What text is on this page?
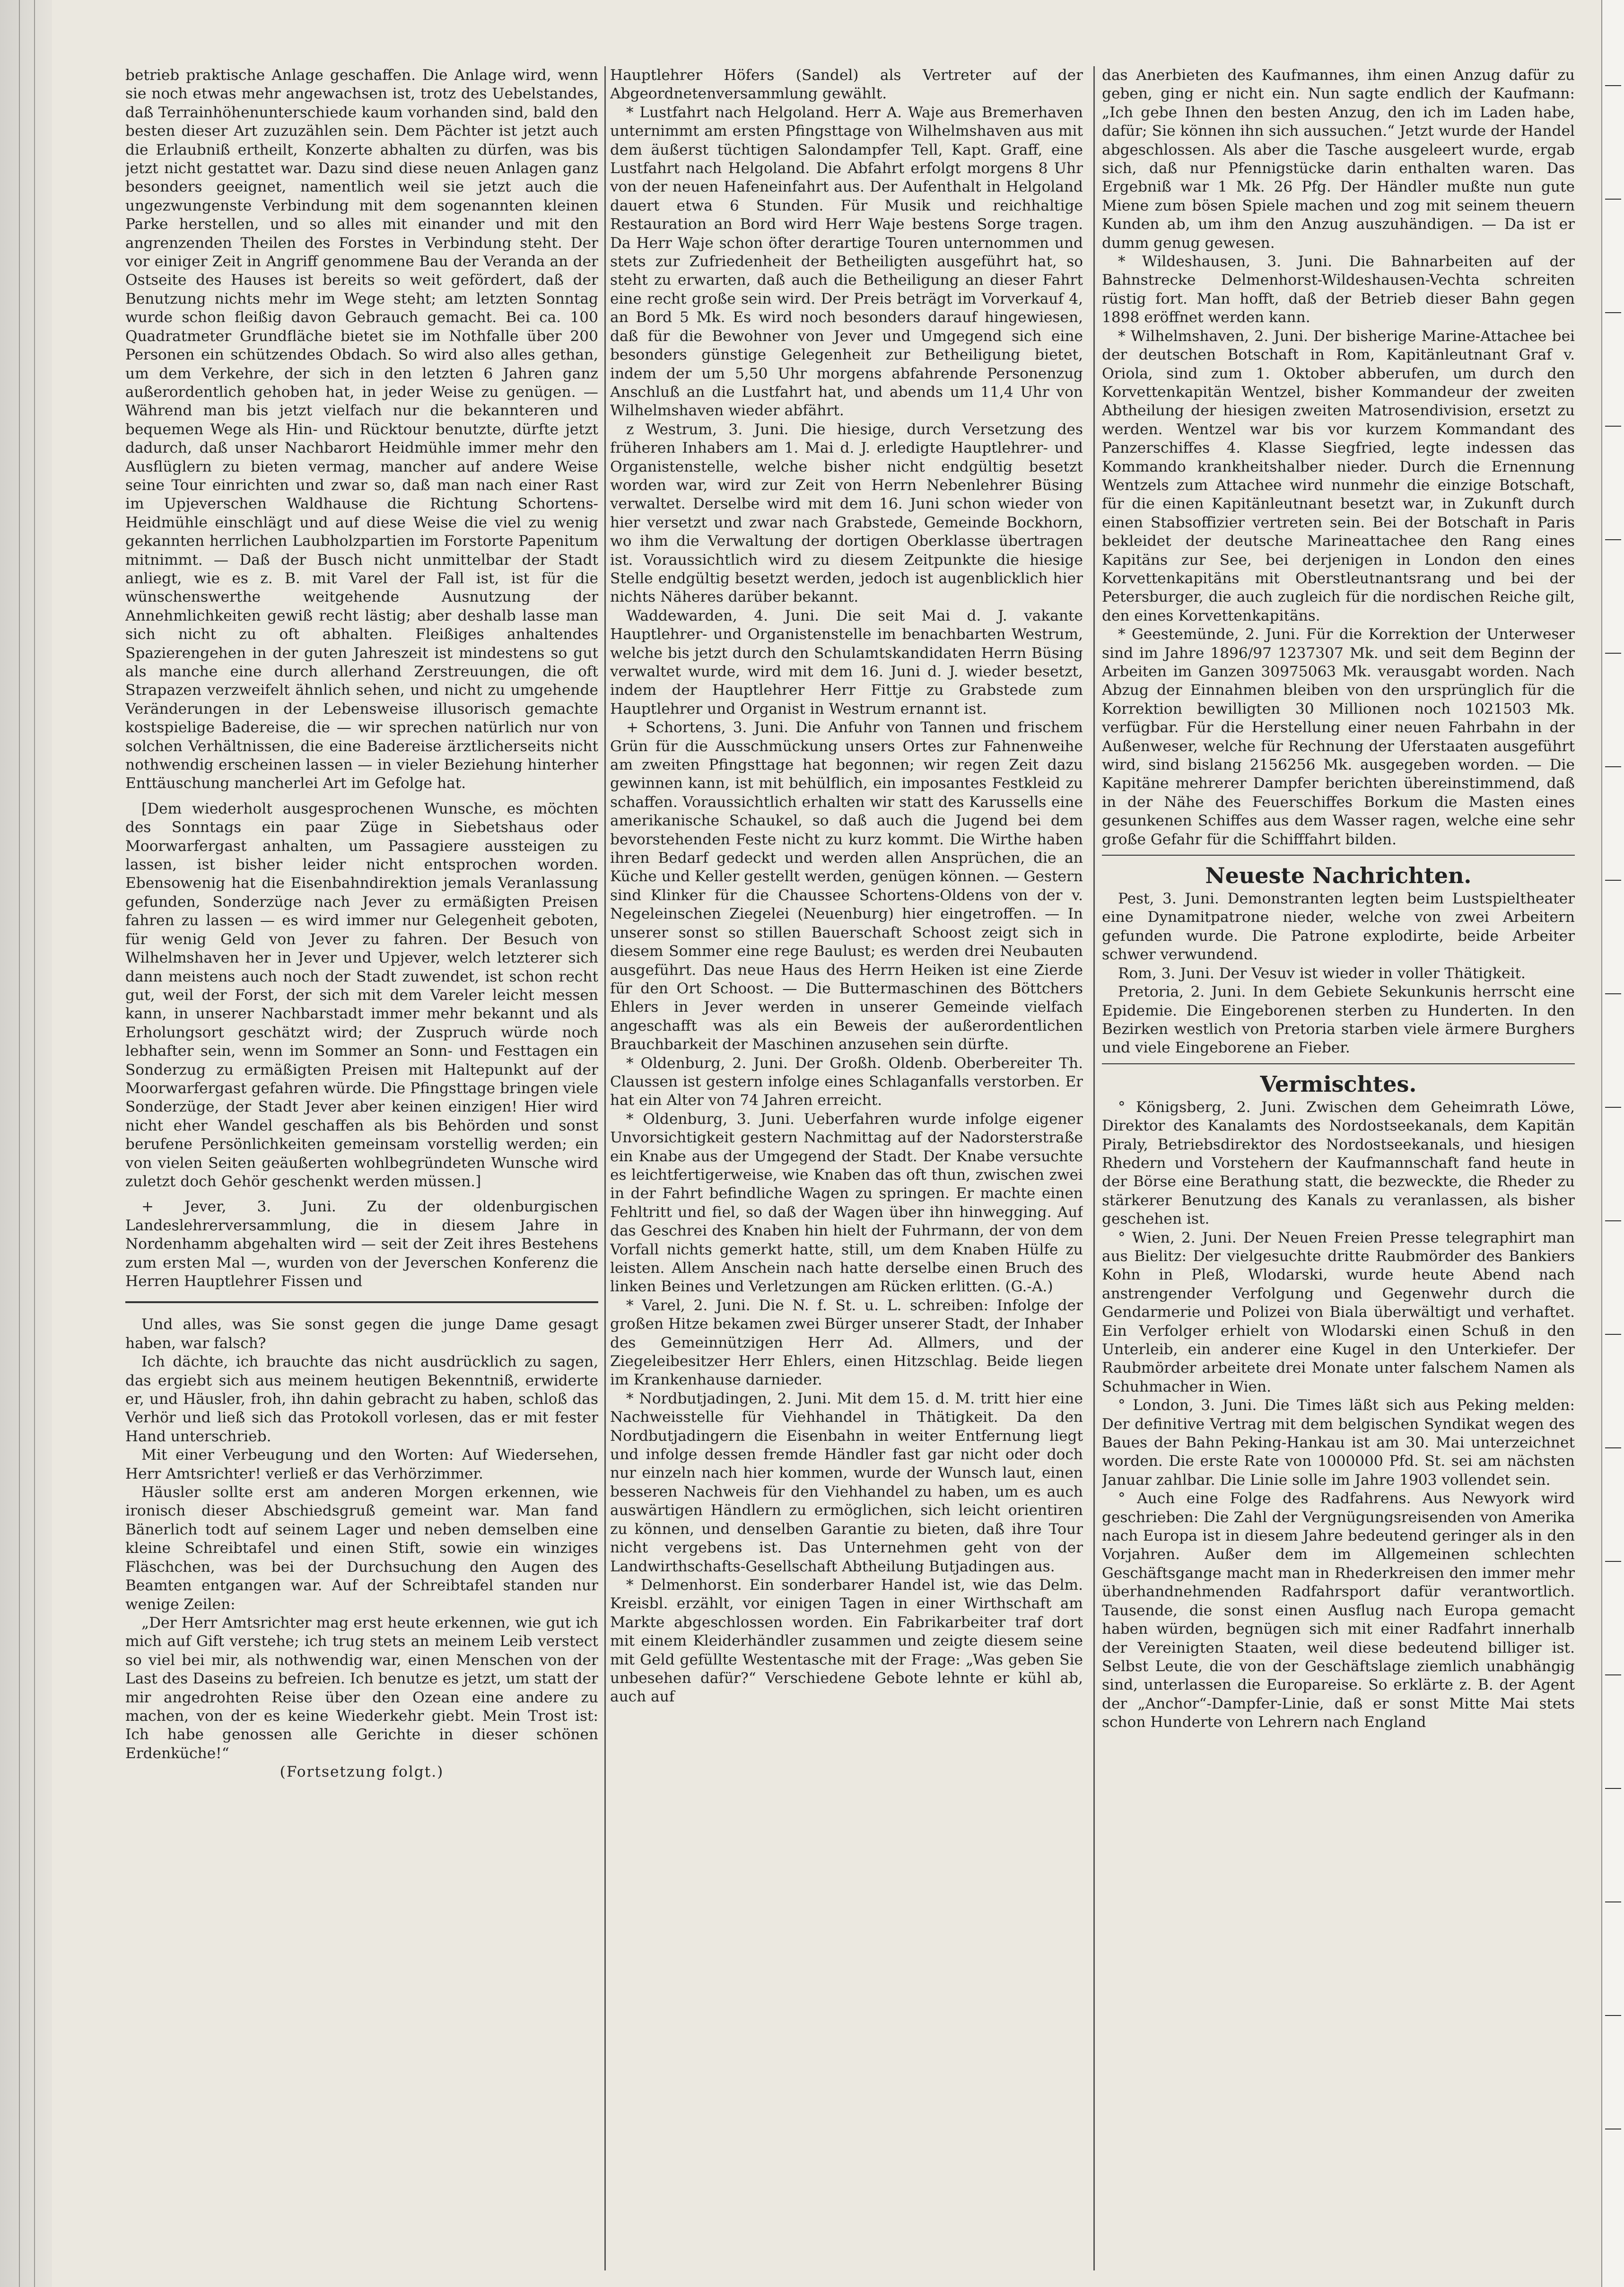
betrieb praktische Anlage geschaffen. Die Anlage wird, wenn sie noch etwas mehr angewachsen ist, trotz des Uebelstandes, daß Terrainhöhenunterschiede kaum vorhanden sind, bald den besten dieser Art zuzuzählen sein. Dem Pächter ist jetzt auch die Erlaubniß ertheilt, Konzerte abhalten zu dürfen, was bis jetzt nicht gestattet war. Dazu sind diese neuen Anlagen ganz besonders geeignet, namentlich weil sie jetzt auch die ungezwungenste Verbindung mit dem sogenannten kleinen Parke herstellen, und so alles mit einander und mit den angrenzenden Theilen des Forstes in Verbindung steht. Der vor einiger Zeit in Angriff genommene Bau der Veranda an der Ostseite des Hauses ist bereits so weit gefördert, daß der Benutzung nichts mehr im Wege steht; am letzten Sonntag wurde schon fleißig davon Gebrauch gemacht. Bei ca. 100 Quadratmeter Grundfläche bietet sie im Nothfalle über 200 Personen ein schützendes Obdach. So wird also alles gethan, um dem Verkehre, der sich in den letzten 6 Jahren ganz außerordentlich gehoben hat, in jeder Weise zu genügen. — Während man bis jetzt vielfach nur die bekannteren und bequemen Wege als Hin- und Rücktour benutzte, dürfte jetzt dadurch, daß unser Nachbarort Heidmühle immer mehr den Ausflüglern zu bieten vermag, mancher auf andere Weise seine Tour einrichten und zwar so, daß man nach einer Rast im Upjeverschen Waldhause die Richtung Schortens-Heidmühle einschlägt und auf diese Weise die viel zu wenig gekannten herrlichen Laubholzpartien im Forstorte Papenitum mitnimmt. — Daß der Busch nicht unmittelbar der Stadt anliegt, wie es z. B. mit Varel der Fall ist, ist für die wünschenswerthe weitgehende Ausnutzung der Annehmlichkeiten gewiß recht lästig; aber deshalb lasse man sich nicht zu oft abhalten. Fleißiges anhaltendes Spazierengehen in der guten Jahreszeit ist mindestens so gut als manche eine durch allerhand Zerstreuungen, die oft Strapazen verzweifelt ähnlich sehen, und nicht zu umgehende Veränderungen in der Lebensweise illusorisch gemachte kostspielige Badereise, die — wir sprechen natürlich nur von solchen Verhältnissen, die eine Badereise ärztlicherseits nicht nothwendig erscheinen lassen — in vieler Beziehung hinterher Enttäuschung mancherlei Art im Gefolge hat.

[Dem wiederholt ausgesprochenen Wunsche, es möchten des Sonntags ein paar Züge in Siebetshaus oder Moorwarfergast anhalten, um Passagiere aussteigen zu lassen, ist bisher leider nicht entsprochen worden. Ebensowenig hat die Eisenbahndirektion jemals Veranlassung gefunden, Sonderzüge nach Jever zu ermäßigten Preisen fahren zu lassen — es wird immer nur Gelegenheit geboten, für wenig Geld von Jever zu fahren. Der Besuch von Wilhelmshaven her in Jever und Upjever, welch letzterer sich dann meistens auch noch der Stadt zuwendet, ist schon recht gut, weil der Forst, der sich mit dem Vareler leicht messen kann, in unserer Nachbarstadt immer mehr bekannt und als Erholungsort geschätzt wird; der Zuspruch würde noch lebhafter sein, wenn im Sommer an Sonn- und Festtagen ein Sonderzug zu ermäßigten Preisen mit Haltepunkt auf der Moorwarfergast gefahren würde. Die Pfingsttage bringen viele Sonderzüge, der Stadt Jever aber keinen einzigen! Hier wird nicht eher Wandel geschaffen als bis Behörden und sonst berufene Persönlichkeiten gemeinsam vorstellig werden; ein von vielen Seiten geäußerten wohlbegründeten Wunsche wird zuletzt doch Gehör geschenkt werden müssen.]

+ Jever, 3. Juni. Zu der oldenburgischen Landeslehrerversammlung, die in diesem Jahre in Nordenhamm abgehalten wird — seit der Zeit ihres Bestehens zum ersten Mal —, wurden von der Jeverschen Konferenz die Herren Hauptlehrer Fissen und

Und alles, was Sie sonst gegen die junge Dame gesagt haben, war falsch?

Ich dächte, ich brauchte das nicht ausdrücklich zu sagen, das ergiebt sich aus meinem heutigen Bekenntniß, erwiderte er, und Häusler, froh, ihn dahin gebracht zu haben, schloß das Verhör und ließ sich das Protokoll vorlesen, das er mit fester Hand unterschrieb.

Mit einer Verbeugung und den Worten: Auf Wiedersehen, Herr Amtsrichter! verließ er das Verhörzimmer.

Häusler sollte erst am anderen Morgen erkennen, wie ironisch dieser Abschiedsgruß gemeint war. Man fand Bänerlich todt auf seinem Lager und neben demselben eine kleine Schreibtafel und einen Stift, sowie ein winziges Fläschchen, was bei der Durchsuchung den Augen des Beamten entgangen war. Auf der Schreibtafel standen nur wenige Zeilen:

„Der Herr Amtsrichter mag erst heute erkennen, wie gut ich mich auf Gift verstehe; ich trug stets an meinem Leib verstect so viel bei mir, als nothwendig war, einen Menschen von der Last des Daseins zu befreien. Ich benutze es jetzt, um statt der mir angedrohten Reise über den Ozean eine andere zu machen, von der es keine Wiederkehr giebt. Mein Trost ist: Ich habe genossen alle Gerichte in dieser schönen Erdenküche!“

(Fortsetzung folgt.)

Hauptlehrer Höfers (Sandel) als Vertreter auf der Abgeordnetenversammlung gewählt.

* Lustfahrt nach Helgoland. Herr A. Waje aus Bremerhaven unternimmt am ersten Pfingsttage von Wilhelmshaven aus mit dem äußerst tüchtigen Salondampfer Tell, Kapt. Graff, eine Lustfahrt nach Helgoland. Die Abfahrt erfolgt morgens 8 Uhr von der neuen Hafeneinfahrt aus. Der Aufenthalt in Helgoland dauert etwa 6 Stunden. Für Musik und reichhaltige Restauration an Bord wird Herr Waje bestens Sorge tragen. Da Herr Waje schon öfter derartige Touren unternommen und stets zur Zufriedenheit der Betheiligten ausgeführt hat, so steht zu erwarten, daß auch die Betheiligung an dieser Fahrt eine recht große sein wird. Der Preis beträgt im Vorverkauf 4, an Bord 5 Mk. Es wird noch besonders darauf hingewiesen, daß für die Bewohner von Jever und Umgegend sich eine besonders günstige Gelegenheit zur Betheiligung bietet, indem der um 5,50 Uhr morgens abfahrende Personenzug Anschluß an die Lustfahrt hat, und abends um 11,4 Uhr von Wilhelmshaven wieder abfährt.

z Westrum, 3. Juni. Die hiesige, durch Versetzung des früheren Inhabers am 1. Mai d. J. erledigte Hauptlehrer- und Organistenstelle, welche bisher nicht endgültig besetzt worden war, wird zur Zeit von Herrn Nebenlehrer Büsing verwaltet. Derselbe wird mit dem 16. Juni schon wieder von hier versetzt und zwar nach Grabstede, Gemeinde Bockhorn, wo ihm die Verwaltung der dortigen Oberklasse übertragen ist. Voraussichtlich wird zu diesem Zeitpunkte die hiesige Stelle endgültig besetzt werden, jedoch ist augenblicklich hier nichts Näheres darüber bekannt.

Waddewarden, 4. Juni. Die seit Mai d. J. vakante Hauptlehrer- und Organistenstelle im benachbarten Westrum, welche bis jetzt durch den Schulamtskandidaten Herrn Büsing verwaltet wurde, wird mit dem 16. Juni d. J. wieder besetzt, indem der Hauptlehrer Herr Fittje zu Grabstede zum Hauptlehrer und Organist in Westrum ernannt ist.

+ Schortens, 3. Juni. Die Anfuhr von Tannen und frischem Grün für die Ausschmückung unsers Ortes zur Fahnenweihe am zweiten Pfingsttage hat begonnen; wir regen Zeit dazu gewinnen kann, ist mit behülflich, ein imposantes Festkleid zu schaffen. Voraussichtlich erhalten wir statt des Karussells eine amerikanische Schaukel, so daß auch die Jugend bei dem bevorstehenden Feste nicht zu kurz kommt. Die Wirthe haben ihren Bedarf gedeckt und werden allen Ansprüchen, die an Küche und Keller gestellt werden, genügen können. — Gestern sind Klinker für die Chaussee Schortens-Oldens von der v. Negeleinschen Ziegelei (Neuenburg) hier eingetroffen. — In unserer sonst so stillen Bauerschaft Schoost zeigt sich in diesem Sommer eine rege Baulust; es werden drei Neubauten ausgeführt. Das neue Haus des Herrn Heiken ist eine Zierde für den Ort Schoost. — Die Buttermaschinen des Böttchers Ehlers in Jever werden in unserer Gemeinde vielfach angeschafft was als ein Beweis der außerordentlichen Brauchbarkeit der Maschinen anzusehen sein dürfte.

* Oldenburg, 2. Juni. Der Großh. Oldenb. Oberbereiter Th. Claussen ist gestern infolge eines Schlaganfalls verstorben. Er hat ein Alter von 74 Jahren erreicht.

* Oldenburg, 3. Juni. Ueberfahren wurde infolge eigener Unvorsichtigkeit gestern Nachmittag auf der Nadorsterstraße ein Knabe aus der Umgegend der Stadt. Der Knabe versuchte es leichtfertigerweise, wie Knaben das oft thun, zwischen zwei in der Fahrt befindliche Wagen zu springen. Er machte einen Fehltritt und fiel, so daß der Wagen über ihn hinwegging. Auf das Geschrei des Knaben hin hielt der Fuhrmann, der von dem Vorfall nichts gemerkt hatte, still, um dem Knaben Hülfe zu leisten. Allem Anschein nach hatte derselbe einen Bruch des linken Beines und Verletzungen am Rücken erlitten. (G.-A.)

* Varel, 2. Juni. Die N. f. St. u. L. schreiben: Infolge der großen Hitze bekamen zwei Bürger unserer Stadt, der Inhaber des Gemeinnützigen Herr Ad. Allmers, und der Ziegeleibesitzer Herr Ehlers, einen Hitzschlag. Beide liegen im Krankenhause darnieder.

* Nordbutjadingen, 2. Juni. Mit dem 15. d. M. tritt hier eine Nachweisstelle für Viehhandel in Thätigkeit. Da den Nordbutjadingern die Eisenbahn in weiter Entfernung liegt und infolge dessen fremde Händler fast gar nicht oder doch nur einzeln nach hier kommen, wurde der Wunsch laut, einen besseren Nachweis für den Viehhandel zu haben, um es auch auswärtigen Händlern zu ermöglichen, sich leicht orientiren zu können, und denselben Garantie zu bieten, daß ihre Tour nicht vergebens ist. Das Unternehmen geht von der Landwirthschafts-Gesellschaft Abtheilung Butjadingen aus.

* Delmenhorst. Ein sonderbarer Handel ist, wie das Delm. Kreisbl. erzählt, vor einigen Tagen in einer Wirthschaft am Markte abgeschlossen worden. Ein Fabrikarbeiter traf dort mit einem Kleiderhändler zusammen und zeigte diesem seine mit Geld gefüllte Westentasche mit der Frage: „Was geben Sie unbesehen dafür?“ Verschiedene Gebote lehnte er kühl ab, auch auf

das Anerbieten des Kaufmannes, ihm einen Anzug dafür zu geben, ging er nicht ein. Nun sagte endlich der Kaufmann: „Ich gebe Ihnen den besten Anzug, den ich im Laden habe, dafür; Sie können ihn sich aussuchen.“ Jetzt wurde der Handel abgeschlossen. Als aber die Tasche ausgeleert wurde, ergab sich, daß nur Pfennigstücke darin enthalten waren. Das Ergebniß war 1 Mk. 26 Pfg. Der Händler mußte nun gute Miene zum bösen Spiele machen und zog mit seinem theuern Kunden ab, um ihm den Anzug auszuhändigen. — Da ist er dumm genug gewesen.

* Wildeshausen, 3. Juni. Die Bahnarbeiten auf der Bahnstrecke Delmenhorst-Wildeshausen-Vechta schreiten rüstig fort. Man hofft, daß der Betrieb dieser Bahn gegen 1898 eröffnet werden kann.

* Wilhelmshaven, 2. Juni. Der bisherige Marine-Attachee bei der deutschen Botschaft in Rom, Kapitänleutnant Graf v. Oriola, sind zum 1. Oktober abberufen, um durch den Korvettenkapitän Wentzel, bisher Kommandeur der zweiten Abtheilung der hiesigen zweiten Matrosendivision, ersetzt zu werden. Wentzel war bis vor kurzem Kommandant des Panzerschiffes 4. Klasse Siegfried, legte indessen das Kommando krankheitshalber nieder. Durch die Ernennung Wentzels zum Attachee wird nunmehr die einzige Botschaft, für die einen Kapitänleutnant besetzt war, in Zukunft durch einen Stabsoffizier vertreten sein. Bei der Botschaft in Paris bekleidet der deutsche Marineattachee den Rang eines Kapitäns zur See, bei derjenigen in London den eines Korvettenkapitäns mit Oberstleutnantsrang und bei der Petersburger, die auch zugleich für die nordischen Reiche gilt, den eines Korvettenkapitäns.

* Geestemünde, 2. Juni. Für die Korrektion der Unterweser sind im Jahre 1896/97 1237307 Mk. und seit dem Beginn der Arbeiten im Ganzen 30975063 Mk. verausgabt worden. Nach Abzug der Einnahmen bleiben von den ursprünglich für die Korrektion bewilligten 30 Millionen noch 1021503 Mk. verfügbar. Für die Herstellung einer neuen Fahrbahn in der Außenweser, welche für Rechnung der Uferstaaten ausgeführt wird, sind bislang 2156256 Mk. ausgegeben worden. — Die Kapitäne mehrerer Dampfer berichten übereinstimmend, daß in der Nähe des Feuerschiffes Borkum die Masten eines gesunkenen Schiffes aus dem Wasser ragen, welche eine sehr große Gefahr für die Schifffahrt bilden.

Neueste Nachrichten.

Pest, 3. Juni. Demonstranten legten beim Lustspieltheater eine Dynamitpatrone nieder, welche von zwei Arbeitern gefunden wurde. Die Patrone explodirte, beide Arbeiter schwer verwundend.

Rom, 3. Juni. Der Vesuv ist wieder in voller Thätigkeit.

Pretoria, 2. Juni. In dem Gebiete Sekunkunis herrscht eine Epidemie. Die Eingeborenen sterben zu Hunderten. In den Bezirken westlich von Pretoria starben viele ärmere Burghers und viele Eingeborene an Fieber.

Vermischtes.

° Königsberg, 2. Juni. Zwischen dem Geheimrath Löwe, Direktor des Kanalamts des Nordostseekanals, dem Kapitän Piraly, Betriebsdirektor des Nordostseekanals, und hiesigen Rhedern und Vorstehern der Kaufmannschaft fand heute in der Börse eine Berathung statt, die bezweckte, die Rheder zu stärkerer Benutzung des Kanals zu veranlassen, als bisher geschehen ist.

° Wien, 2. Juni. Der Neuen Freien Presse telegraphirt man aus Bielitz: Der vielgesuchte dritte Raubmörder des Bankiers Kohn in Pleß, Wlodarski, wurde heute Abend nach anstrengender Verfolgung und Gegenwehr durch die Gendarmerie und Polizei von Biala überwältigt und verhaftet. Ein Verfolger erhielt von Wlodarski einen Schuß in den Unterleib, ein anderer eine Kugel in den Unterkiefer. Der Raubmörder arbeitete drei Monate unter falschem Namen als Schuhmacher in Wien.

° London, 3. Juni. Die Times läßt sich aus Peking melden: Der definitive Vertrag mit dem belgischen Syndikat wegen des Baues der Bahn Peking-Hankau ist am 30. Mai unterzeichnet worden. Die erste Rate von 1000000 Pfd. St. sei am nächsten Januar zahlbar. Die Linie solle im Jahre 1903 vollendet sein.

° Auch eine Folge des Radfahrens. Aus Newyork wird geschrieben: Die Zahl der Vergnügungsreisenden von Amerika nach Europa ist in diesem Jahre bedeutend geringer als in den Vorjahren. Außer dem im Allgemeinen schlechten Geschäftsgange macht man in Rhederkreisen den immer mehr überhandnehmenden Radfahrsport dafür verantwortlich. Tausende, die sonst einen Ausflug nach Europa gemacht haben würden, begnügen sich mit einer Radfahrt innerhalb der Vereinigten Staaten, weil diese bedeutend billiger ist. Selbst Leute, die von der Geschäftslage ziemlich unabhängig sind, unterlassen die Europareise. So erklärte z. B. der Agent der „Anchor“-Dampfer-Linie, daß er sonst Mitte Mai stets schon Hunderte von Lehrern nach England
